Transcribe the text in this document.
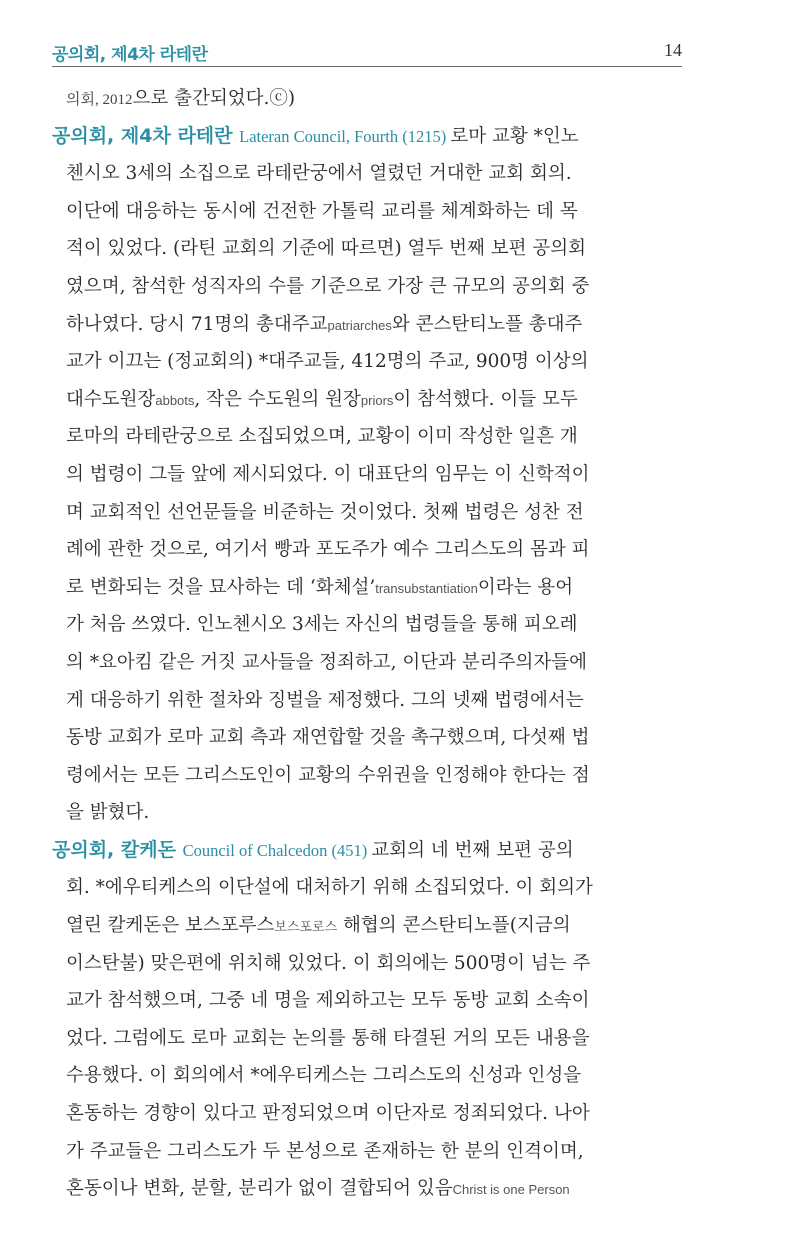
공의회, 제4차 라테란	14
의회, 2012으로 출간되었다.ⓒ)
공의회, 제4차 라테란 Lateran Council, Fourth (1215) 로마 교황 *인노
첸시오 3세의 소집으로 라테란궁에서 열렸던 거대한 교회 회의.
이단에 대응하는 동시에 건전한 가톨릭 교리를 체계화하는 데 목
적이 있었다. (라틴 교회의 기준에 따르면) 열두 번째 보편 공의회
였으며, 참석한 성직자의 수를 기준으로 가장 큰 규모의 공의회 중
하나였다. 당시 71명의 총대주교patriarches와 콘스탄티노플 총대주
교가 이끄는 (정교회의) *대주교들, 412명의 주교, 900명 이상의
대수도원장abbots, 작은 수도원의 원장priors이 참석했다. 이들 모두
로마의 라테란궁으로 소집되었으며, 교황이 이미 작성한 일흔 개
의 법령이 그들 앞에 제시되었다. 이 대표단의 임무는 이 신학적이
며 교회적인 선언문들을 비준하는 것이었다. 첫째 법령은 성찬 전
례에 관한 것으로, 여기서 빵과 포도주가 예수 그리스도의 몸과 피
로 변화되는 것을 묘사하는 데 ‘화체설’transubstantiation이라는 용어
가 처음 쓰였다. 인노첸시오 3세는 자신의 법령들을 통해 피오레
의 *요아킴 같은 거짓 교사들을 정죄하고, 이단과 분리주의자들에
게 대응하기 위한 절차와 징벌을 제정했다. 그의 넷째 법령에서는
동방 교회가 로마 교회 측과 재연합할 것을 촉구했으며, 다섯째 법
령에서는 모든 그리스도인이 교황의 수위권을 인정해야 한다는 점
을 밝혔다.
공의회, 칼케돈 Council of Chalcedon (451) 교회의 네 번째 보편 공의
회. *에우티케스의 이단설에 대처하기 위해 소집되었다. 이 회의가
열린 칼케돈은 보스포루스보스포로스 해협의 콘스탄티노플(지금의
이스탄불) 맞은편에 위치해 있었다. 이 회의에는 500명이 넘는 주
교가 참석했으며, 그중 네 명을 제외하고는 모두 동방 교회 소속이
었다. 그럼에도 로마 교회는 논의를 통해 타결된 거의 모든 내용을
수용했다. 이 회의에서 *에우티케스는 그리스도의 신성과 인성을
혼동하는 경향이 있다고 판정되었으며 이단자로 정죄되었다. 나아
가 주교들은 그리스도가 두 본성으로 존재하는 한 분의 인격이며,
혼동이나 변화, 분할, 분리가 없이 결합되어 있음Christ is one Person
